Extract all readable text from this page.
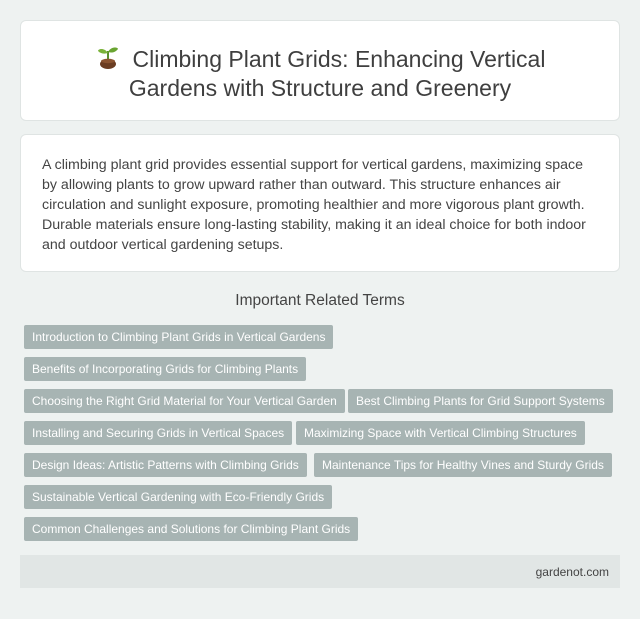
Climbing Plant Grids: Enhancing Vertical Gardens with Structure and Greenery

A climbing plant grid provides essential support for vertical gardens, maximizing space by allowing plants to grow upward rather than outward. This structure enhances air circulation and sunlight exposure, promoting healthier and more vigorous plant growth. Durable materials ensure long-lasting stability, making it an ideal choice for both indoor and outdoor vertical gardening setups.

Important Related Terms
Introduction to Climbing Plant Grids in Vertical Gardens
Benefits of Incorporating Grids for Climbing Plants
Choosing the Right Grid Material for Your Vertical Garden	Best Climbing Plants for Grid Support Systems
Installing and Securing Grids in Vertical Spaces	Maximizing Space with Vertical Climbing Structures
Design Ideas: Artistic Patterns with Climbing Grids	Maintenance Tips for Healthy Vines and Sturdy Grids
Sustainable Vertical Gardening with Eco-Friendly Grids
Common Challenges and Solutions for Climbing Plant Grids
gardenot.com
